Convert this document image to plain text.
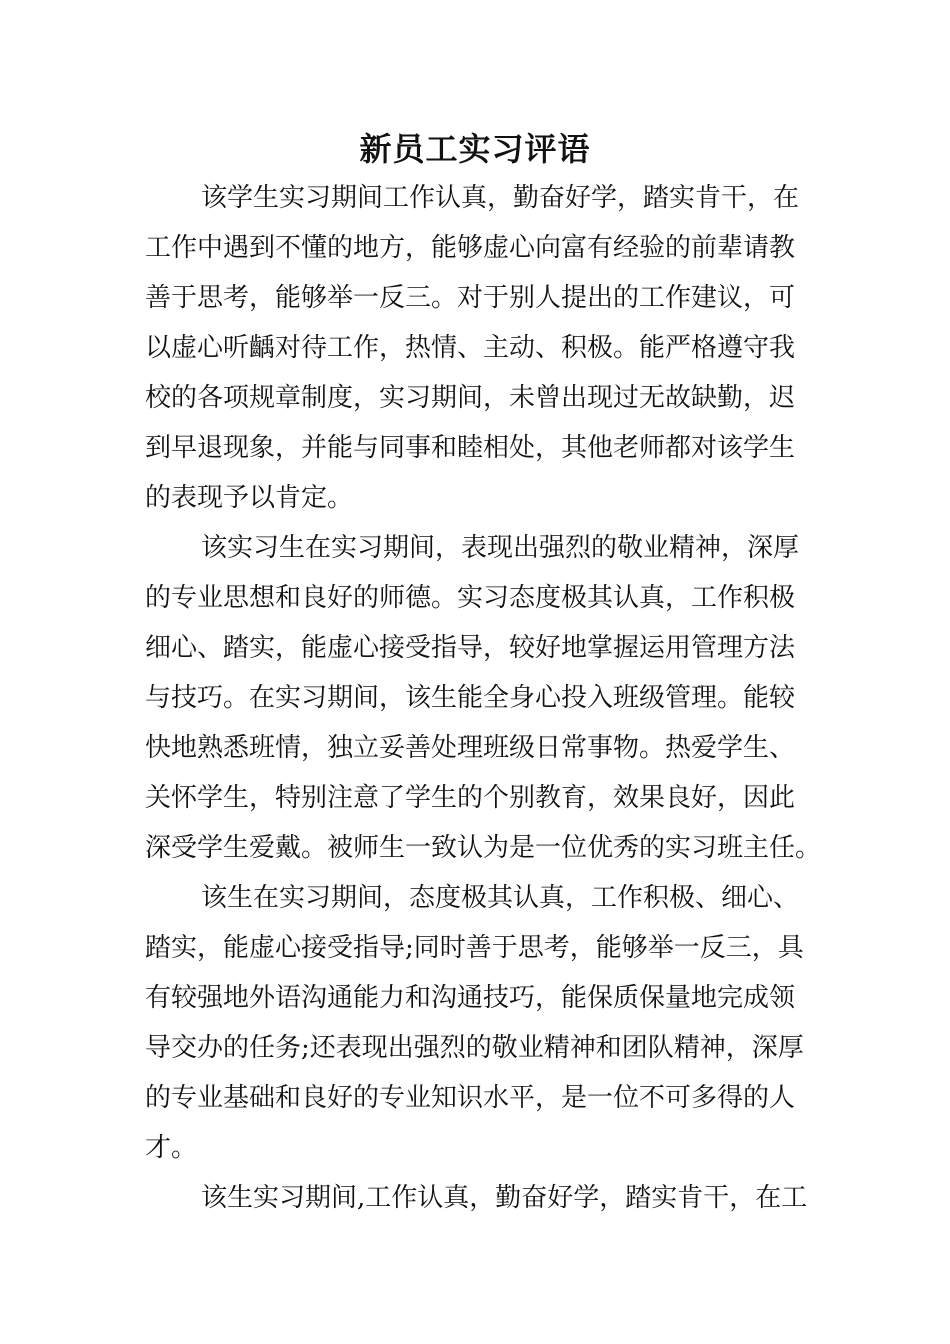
新员工实习评语

该学生实习期间工作认真，勤奋好学，踏实肯干，在
工作中遇到不懂的地方，能够虚心向富有经验的前辈请教
善于思考，能够举一反三。对于别人提出的工作建议，可
以虚心听齲对待工作，热情、主动、积极。能严格遵守我
校的各项规章制度，实习期间，未曾出现过无故缺勤，迟
到早退现象，并能与同事和睦相处，其他老师都对该学生
的表现予以肯定。

该实习生在实习期间，表现出强烈的敬业精神，深厚
的专业思想和良好的师德。实习态度极其认真，工作积极
细心、踏实，能虚心接受指导，较好地掌握运用管理方法
与技巧。在实习期间，该生能全身心投入班级管理。能较
快地熟悉班情，独立妥善处理班级日常事物。热爱学生、
关怀学生，特别注意了学生的个别教育，效果良好，因此
深受学生爱戴。被师生一致认为是一位优秀的实习班主任。

该生在实习期间，态度极其认真，工作积极、细心、
踏实，能虚心接受指导;同时善于思考，能够举一反三，具
有较强地外语沟通能力和沟通技巧，能保质保量地完成领
导交办的任务;还表现出强烈的敬业精神和团队精神，深厚
的专业基础和良好的专业知识水平，是一位不可多得的人
才。

该生实习期间,工作认真，勤奋好学，踏实肯干，在工
